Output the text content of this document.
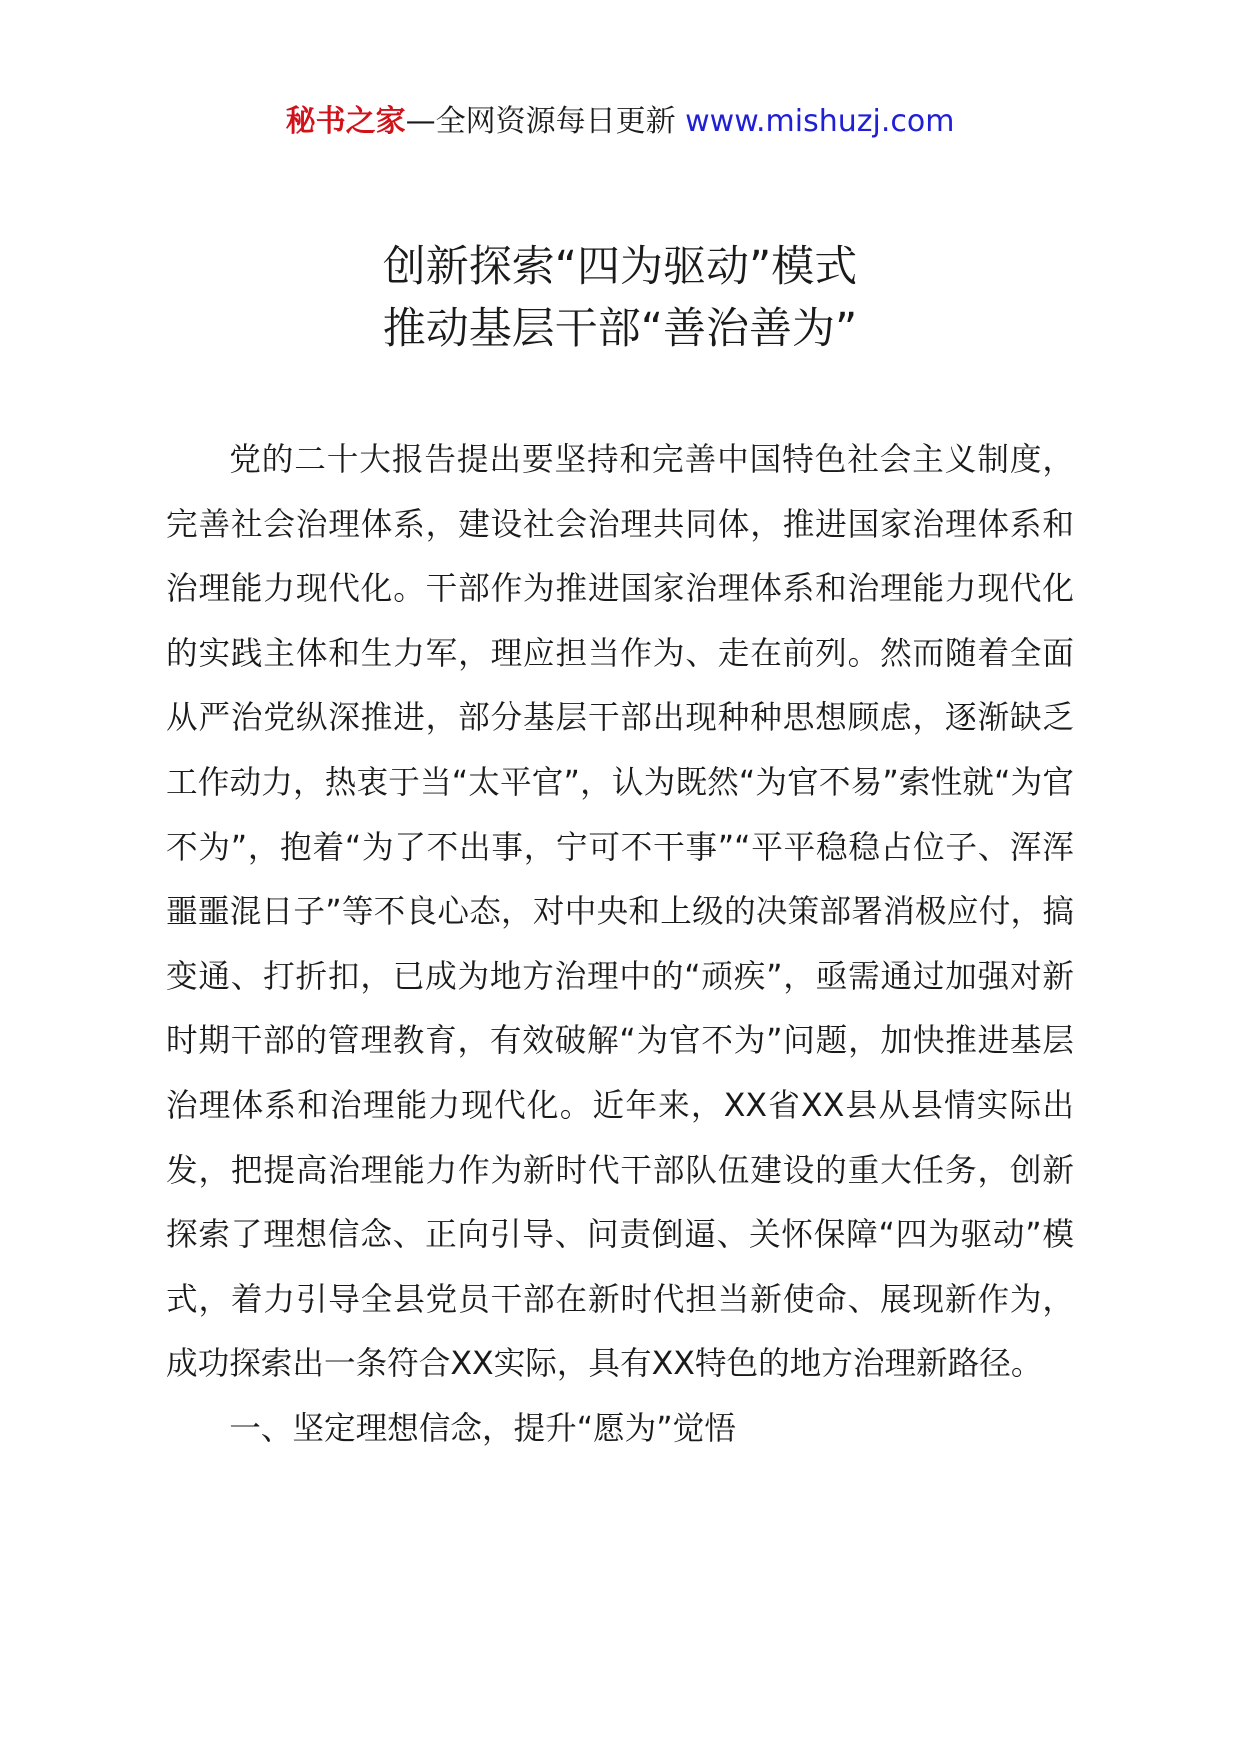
秘书之家—全网资源每日更新 www.mishuzj.com
创新探索“四为驱动”模式
推动基层干部“善治善为”

党的二十大报告提出要坚持和完善中国特色社会主义制度，完善社会治理体系，建设社会治理共同体，推进国家治理体系和治理能力现代化。干部作为推进国家治理体系和治理能力现代化的实践主体和生力军，理应担当作为、走在前列。然而随着全面从严治党纵深推进，部分基层干部出现种种思想顾虑，逐渐缺乏工作动力，热衷于当“太平官”，认为既然“为官不易”索性就“为官不为”，抱着“为了不出事，宁可不干事”“平平稳稳占位子、浑浑噩噩混日子”等不良心态，对中央和上级的决策部署消极应付，搞变通、打折扣，已成为地方治理中的“顽疾”，亟需通过加强对新时期干部的管理教育，有效破解“为官不为”问题，加快推进基层治理体系和治理能力现代化。近年来，XX省XX县从县情实际出发，把提高治理能力作为新时代干部队伍建设的重大任务，创新探索了理想信念、正向引导、问责倒逼、关怀保障“四为驱动”模式，着力引导全县党员干部在新时代担当新使命、展现新作为，成功探索出一条符合XX实际，具有XX特色的地方治理新路径。

一、坚定理想信念，提升“愿为”觉悟
